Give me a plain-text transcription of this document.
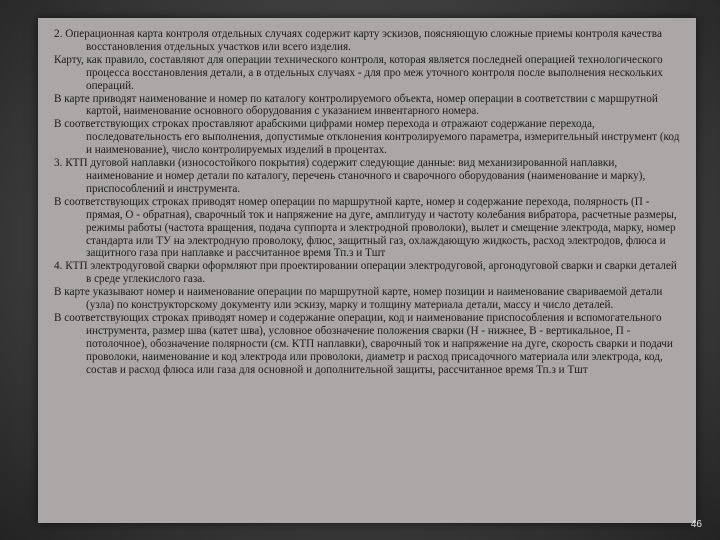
2. Операционная карта контроля отдельных случаях содержит карту эскизов, поясняющую сложные приемы контроля качества восстановления отдельных участков или всего изделия.

Карту, как правило, составляют для операции технического контроля, которая является последней операцией технологического процесса восстановления детали, а в отдельных случаях - для про меж уточного контроля после выполнения нескольких операций.

В карте приводят наименование и номер по каталогу контролируемого объекта, номер операции в соответствии с маршрутной картой, наименование основного оборудования с указанием инвентарного номера.

В соответствующих строках проставляют арабскими цифрами номер перехода и отражают содержание перехода, последовательность его выполнения, допустимые отклонения контролируемого параметра, измерительный инструмент (код и наименование), число контролируемых изделий в процентах.

3. КТП дуговой наплавки (износостойкого покрытия) содержит следующие данные: вид механизированной наплавки, наименование и номер детали по каталогу, перечень станочного и сварочного оборудования (наименование и марку), приспособлений и инструмента.

В соответствующих строках приводят номер операции по маршрутной карте, номер и содержание перехода, полярность (П - прямая, О - обратная), сварочный ток и напряжение на дуге, амплитуду и частоту колебания вибратора, расчетные размеры, режимы работы (частота вращения, подача суппорта и электродной проволоки), вылет и смещение электрода, марку, номер стандарта или ТУ на электродную проволоку, флюс, защитный газ, охлаждающую жидкость, расход электродов, флюса и защитного газа при наплавке и рассчитанное время Тп.з и Тшт

4. КТП электродуговой сварки оформляют при проектировании операции электродуговой, аргонодуговой сварки и сварки деталей в среде углекислого газа.

В карте указывают номер и наименование операции по маршрутной карте, номер позиции и наименование свариваемой детали (узла) по конструкторскому документу или эскизу, марку и толщину материала детали, массу и число деталей.

В соответствующих строках приводят номер и содержание операции, код и наименование приспособления и вспомогательного инструмента, размер шва (катет шва), условное обозначение положения сварки (Н - нижнее, В - вертикальное, П - потолочное), обозначение полярности (см. КТП наплавки), сварочный ток и напряжение на дуге, скорость сварки и подачи проволоки, наименование и код электрода или проволоки, диаметр и расход присадочного материала или электрода, код, состав и расход флюса или газа для основной и дополнительной защиты, рассчитанное время Тп.з и Тшт

46
